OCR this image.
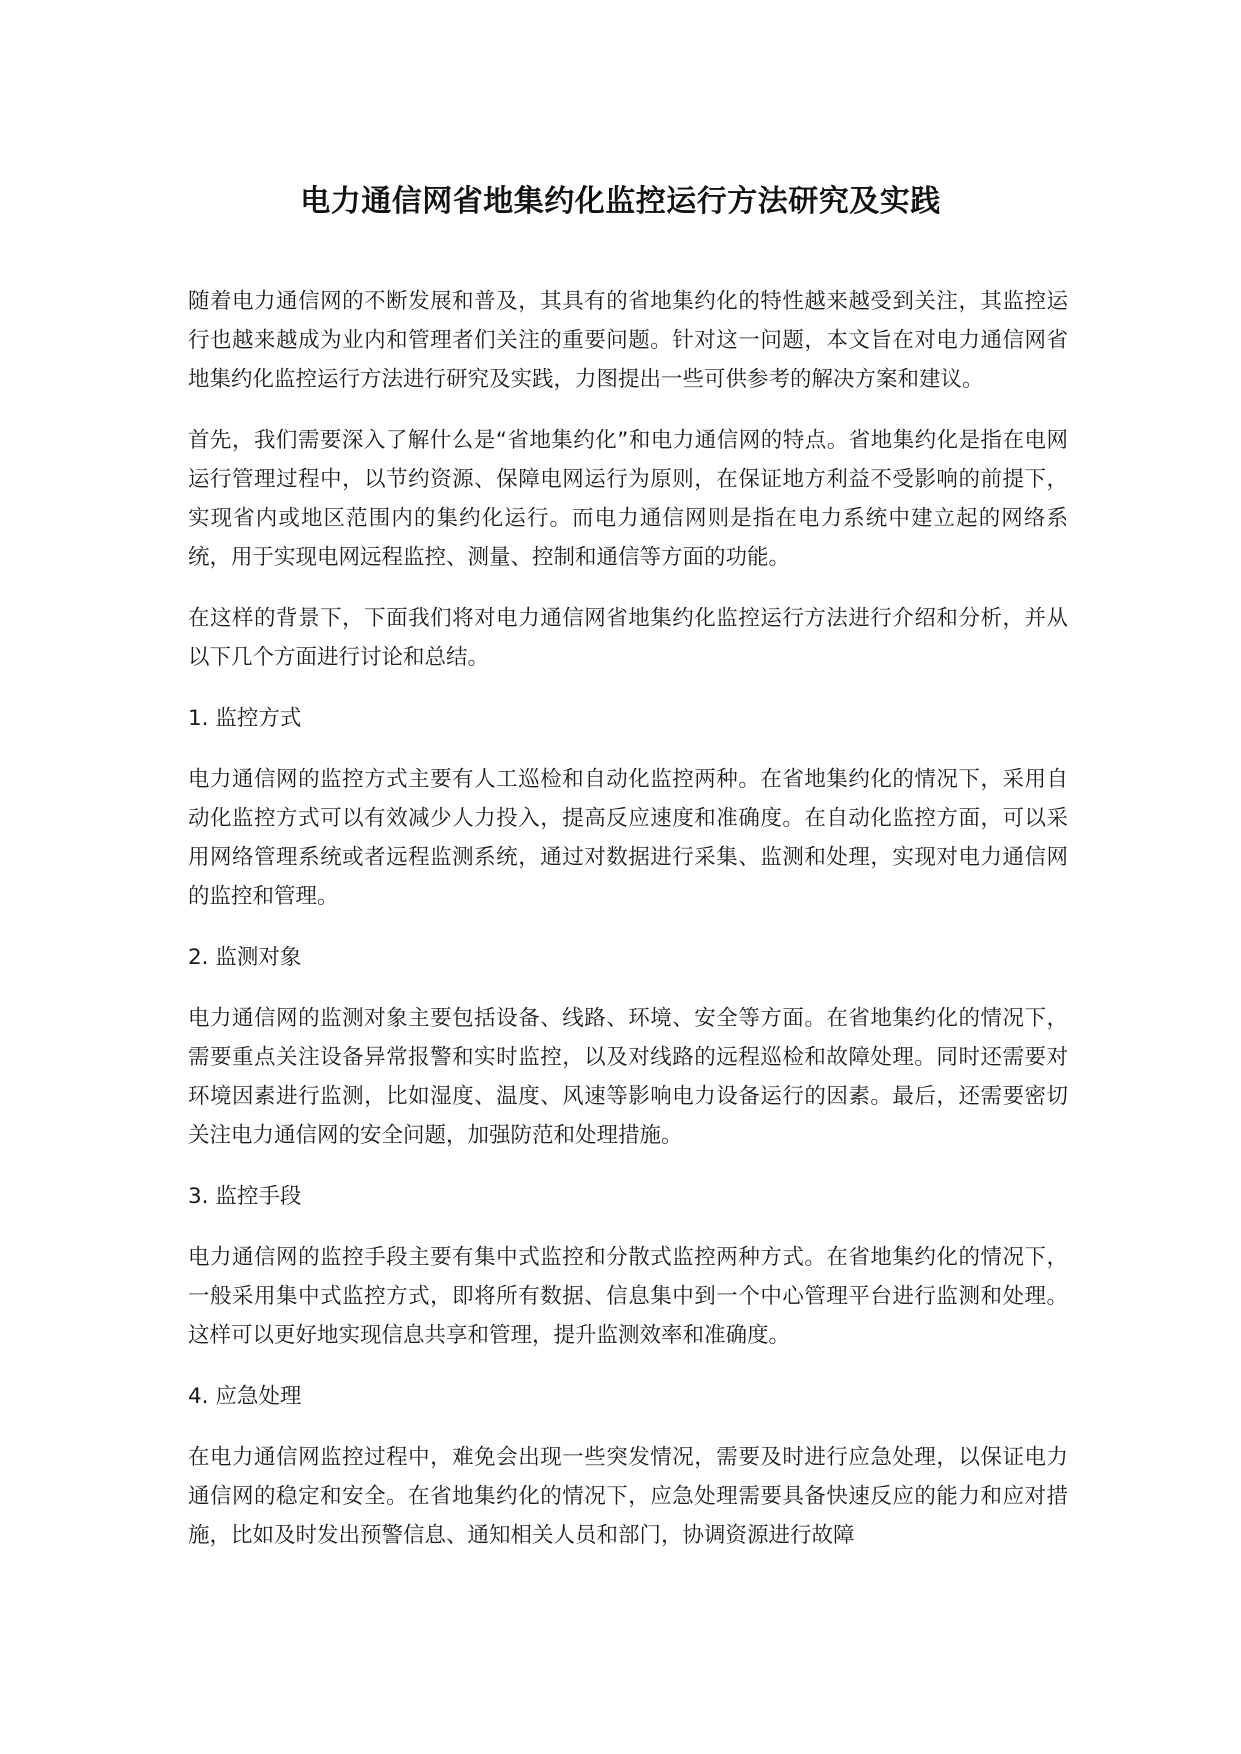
电力通信网省地集约化监控运行方法研究及实践

随着电力通信网的不断发展和普及，其具有的省地集约化的特性越来越受到关注，其监控运行也越来越成为业内和管理者们关注的重要问题。针对这一问题，本文旨在对电力通信网省地集约化监控运行方法进行研究及实践，力图提出一些可供参考的解决方案和建议。

首先，我们需要深入了解什么是“省地集约化”和电力通信网的特点。省地集约化是指在电网运行管理过程中，以节约资源、保障电网运行为原则，在保证地方利益不受影响的前提下，实现省内或地区范围内的集约化运行。而电力通信网则是指在电力系统中建立起的网络系统，用于实现电网远程监控、测量、控制和通信等方面的功能。

在这样的背景下，下面我们将对电力通信网省地集约化监控运行方法进行介绍和分析，并从以下几个方面进行讨论和总结。

1. 监控方式

电力通信网的监控方式主要有人工巡检和自动化监控两种。在省地集约化的情况下，采用自动化监控方式可以有效减少人力投入，提高反应速度和准确度。在自动化监控方面，可以采用网络管理系统或者远程监测系统，通过对数据进行采集、监测和处理，实现对电力通信网的监控和管理。

2. 监测对象

电力通信网的监测对象主要包括设备、线路、环境、安全等方面。在省地集约化的情况下，需要重点关注设备异常报警和实时监控，以及对线路的远程巡检和故障处理。同时还需要对环境因素进行监测，比如湿度、温度、风速等影响电力设备运行的因素。最后，还需要密切关注电力通信网的安全问题，加强防范和处理措施。

3. 监控手段

电力通信网的监控手段主要有集中式监控和分散式监控两种方式。在省地集约化的情况下，一般采用集中式监控方式，即将所有数据、信息集中到一个中心管理平台进行监测和处理。这样可以更好地实现信息共享和管理，提升监测效率和准确度。

4. 应急处理

在电力通信网监控过程中，难免会出现一些突发情况，需要及时进行应急处理，以保证电力通信网的稳定和安全。在省地集约化的情况下，应急处理需要具备快速反应的能力和应对措施，比如及时发出预警信息、通知相关人员和部门，协调资源进行故障
